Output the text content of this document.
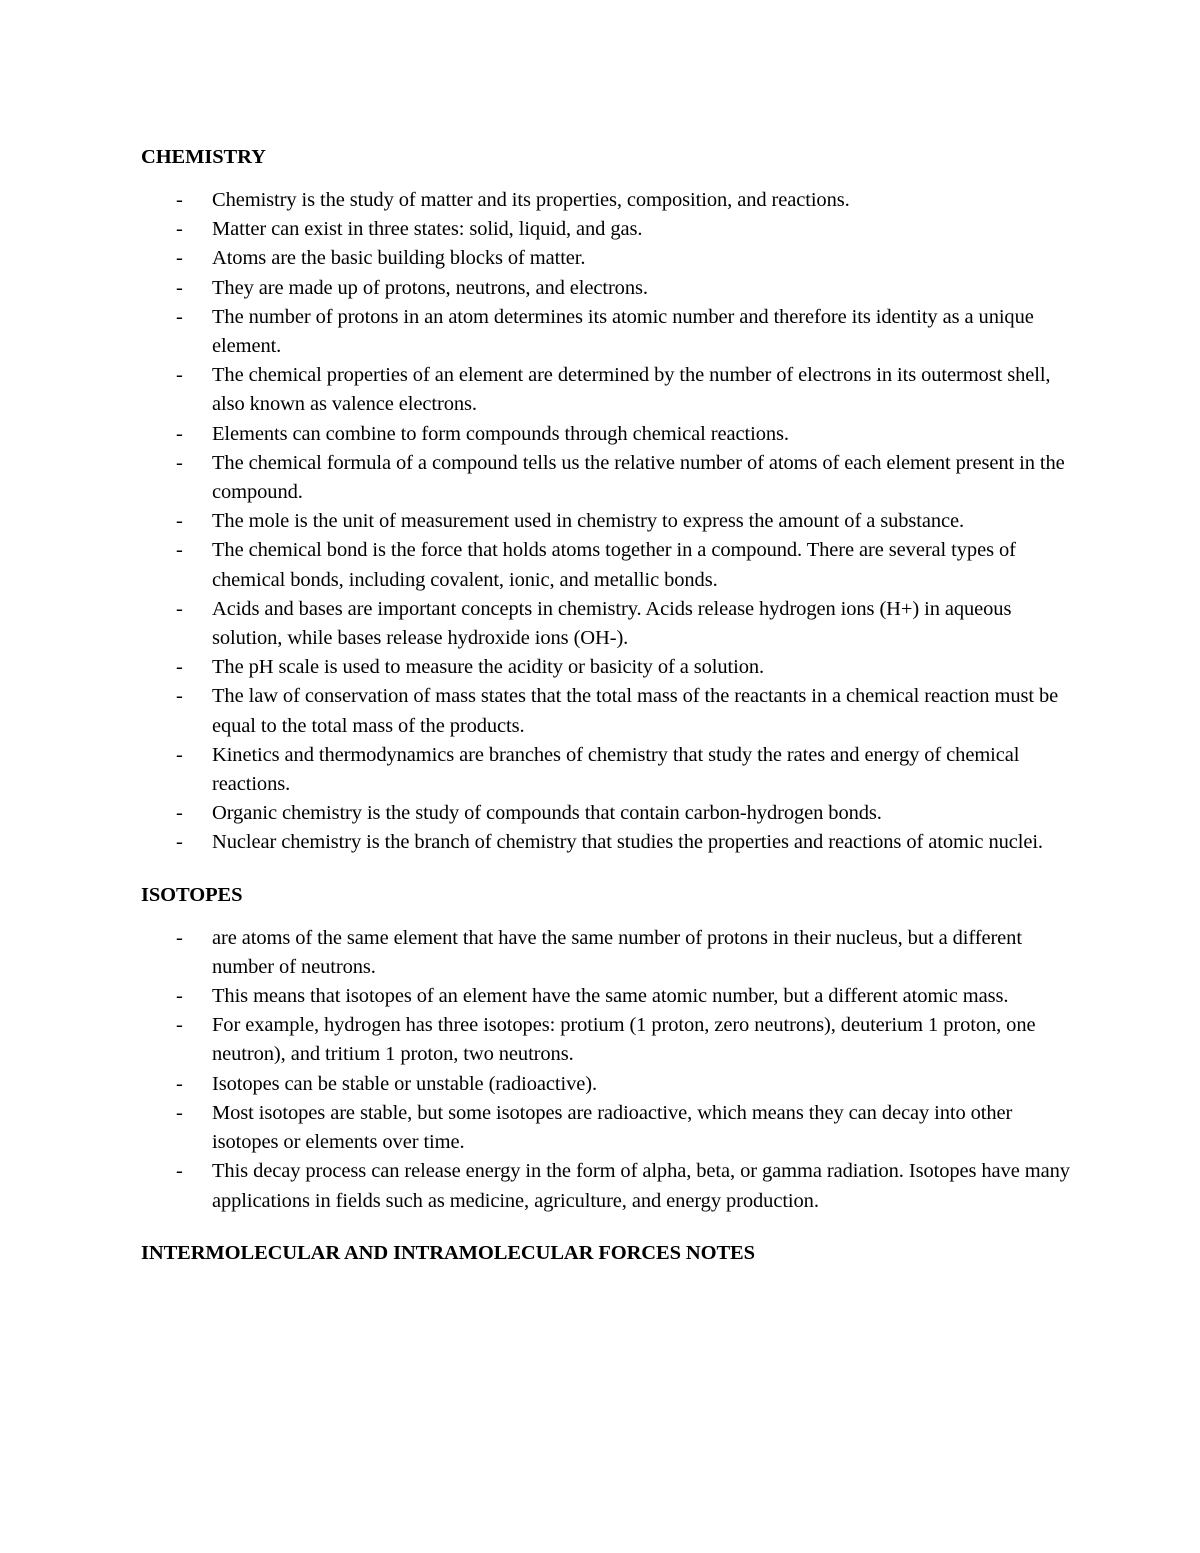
CHEMISTRY
- Chemistry is the study of matter and its properties, composition, and reactions.
- Matter can exist in three states: solid, liquid, and gas.
- Atoms are the basic building blocks of matter.
- They are made up of protons, neutrons, and electrons.
- The number of protons in an atom determines its atomic number and therefore its identity as a unique element.
- The chemical properties of an element are determined by the number of electrons in its outermost shell, also known as valence electrons.
- Elements can combine to form compounds through chemical reactions.
- The chemical formula of a compound tells us the relative number of atoms of each element present in the compound.
- The mole is the unit of measurement used in chemistry to express the amount of a substance.
- The chemical bond is the force that holds atoms together in a compound. There are several types of chemical bonds, including covalent, ionic, and metallic bonds.
- Acids and bases are important concepts in chemistry. Acids release hydrogen ions (H+) in aqueous solution, while bases release hydroxide ions (OH-).
- The pH scale is used to measure the acidity or basicity of a solution.
- The law of conservation of mass states that the total mass of the reactants in a chemical reaction must be equal to the total mass of the products.
- Kinetics and thermodynamics are branches of chemistry that study the rates and energy of chemical reactions.
- Organic chemistry is the study of compounds that contain carbon-hydrogen bonds.
- Nuclear chemistry is the branch of chemistry that studies the properties and reactions of atomic nuclei.
ISOTOPES
- are atoms of the same element that have the same number of protons in their nucleus, but a different number of neutrons.
- This means that isotopes of an element have the same atomic number, but a different atomic mass.
- For example, hydrogen has three isotopes: protium (1 proton, zero neutrons), deuterium 1 proton, one neutron), and tritium 1 proton, two neutrons.
- Isotopes can be stable or unstable (radioactive).
- Most isotopes are stable, but some isotopes are radioactive, which means they can decay into other isotopes or elements over time.
- This decay process can release energy in the form of alpha, beta, or gamma radiation. Isotopes have many applications in fields such as medicine, agriculture, and energy production.
INTERMOLECULAR AND INTRAMOLECULAR FORCES NOTES
